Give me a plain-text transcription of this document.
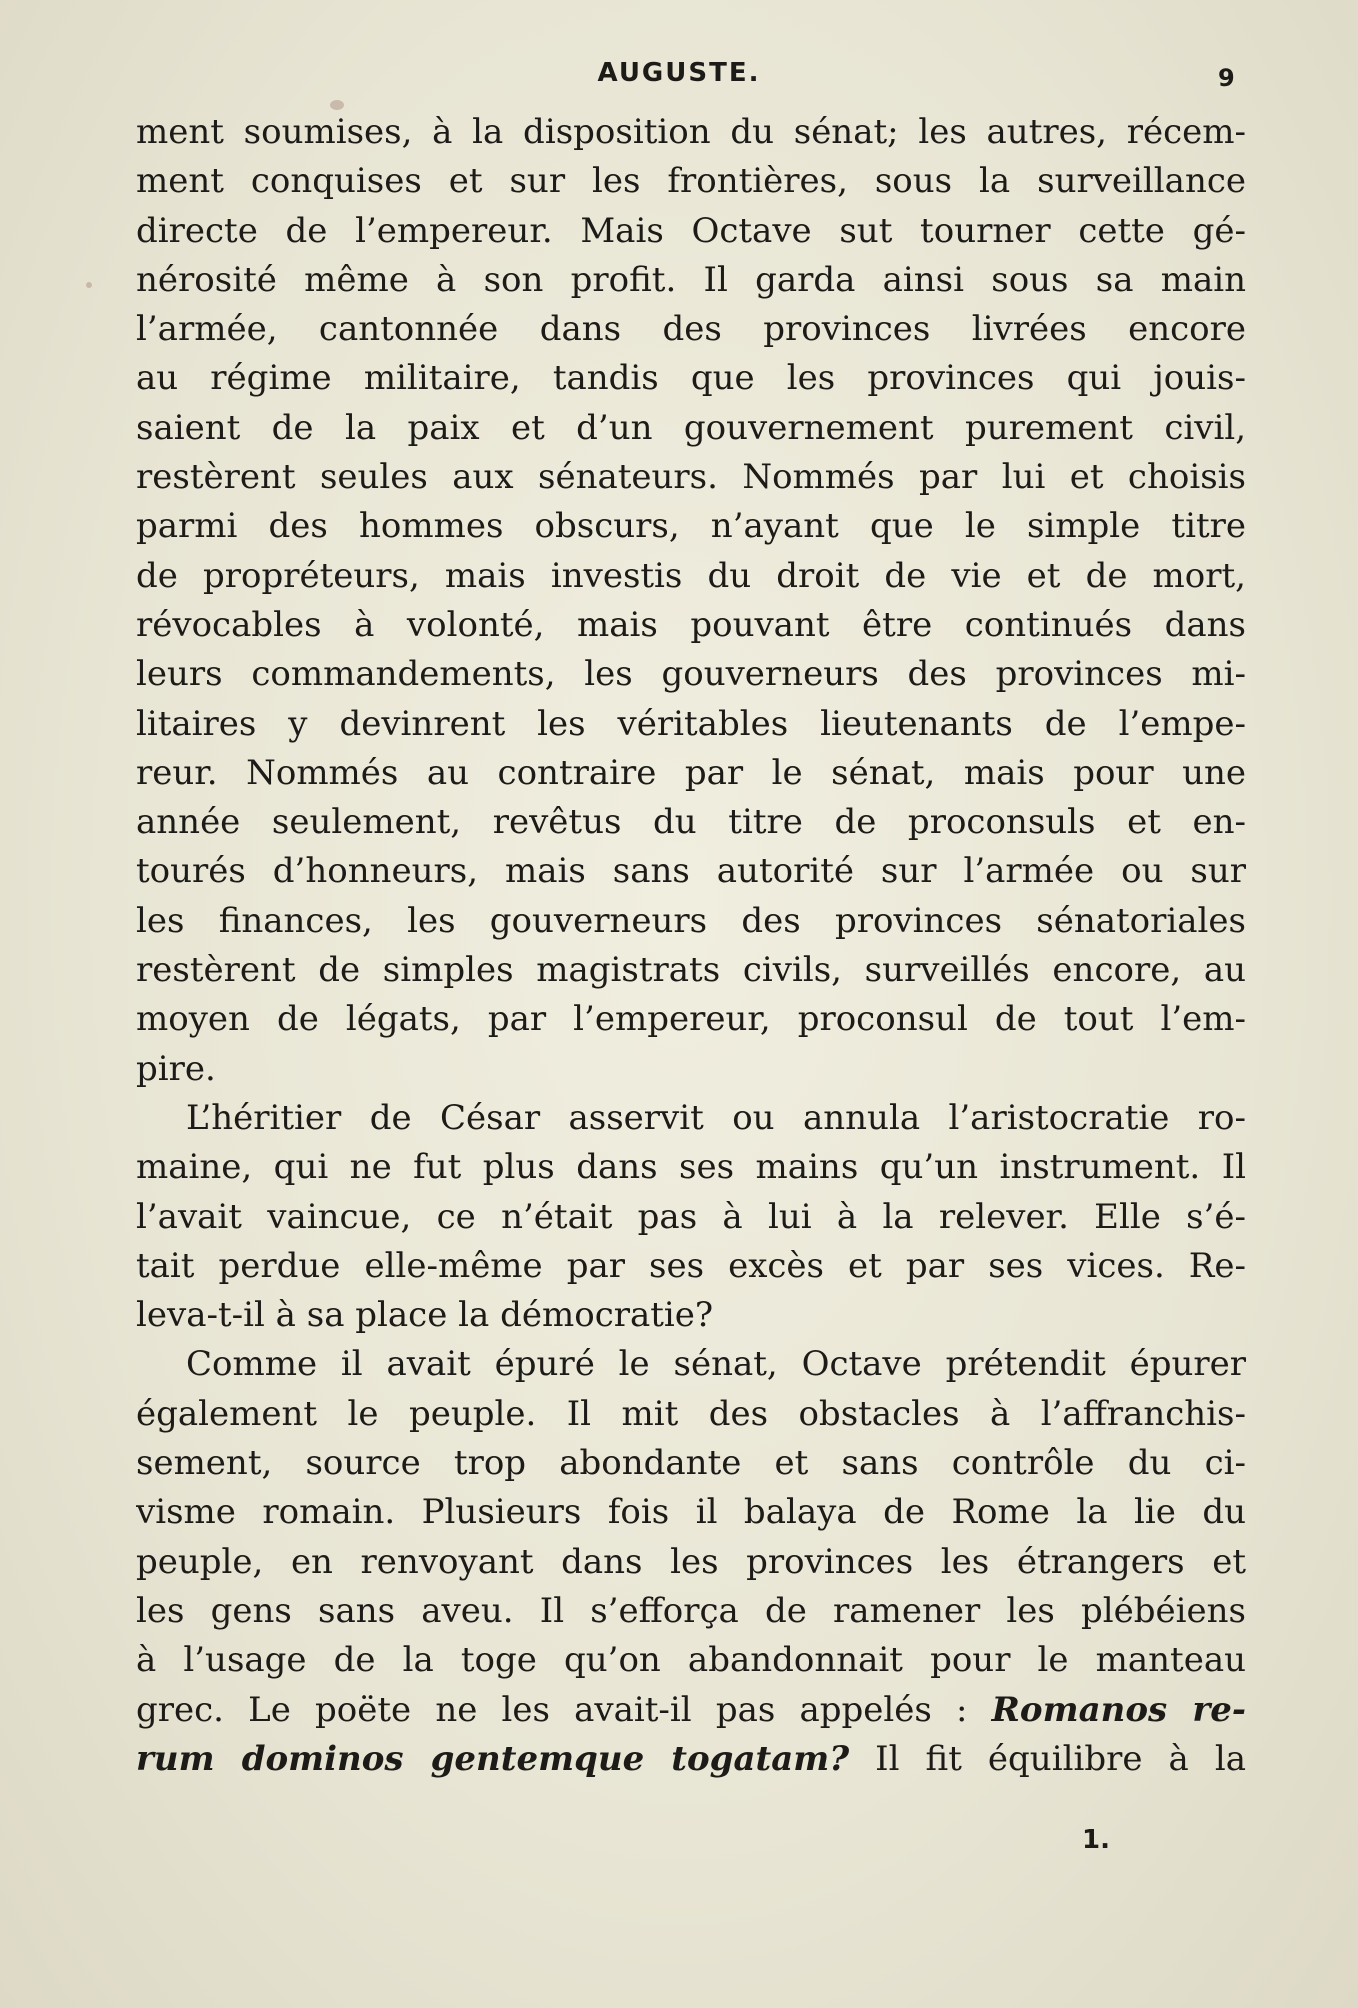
AUGUSTE.	9
ment soumises, à la disposition du sénat; les autres, récem-
ment conquises et sur les frontières, sous la surveillance
directe de l’empereur. Mais Octave sut tourner cette gé-
nérosité même à son profit. Il garda ainsi sous sa main
l’armée, cantonnée dans des provinces livrées encore
au régime militaire, tandis que les provinces qui jouis-
saient de la paix et d’un gouvernement purement civil,
restèrent seules aux sénateurs. Nommés par lui et choisis
parmi des hommes obscurs, n’ayant que le simple titre
de propréteurs, mais investis du droit de vie et de mort,
révocables à volonté, mais pouvant être continués dans
leurs commandements, les gouverneurs des provinces mi-
litaires y devinrent les véritables lieutenants de l’empe-
reur. Nommés au contraire par le sénat, mais pour une
année seulement, revêtus du titre de proconsuls et en-
tourés d’honneurs, mais sans autorité sur l’armée ou sur
les finances, les gouverneurs des provinces sénatoriales
restèrent de simples magistrats civils, surveillés encore, au
moyen de légats, par l’empereur, proconsul de tout l’em-
pire.
L’héritier de César asservit ou annula l’aristocratie ro-
maine, qui ne fut plus dans ses mains qu’un instrument. Il
l’avait vaincue, ce n’était pas à lui à la relever. Elle s’é-
tait perdue elle-même par ses excès et par ses vices. Re-
leva-t-il à sa place la démocratie?
Comme il avait épuré le sénat, Octave prétendit épurer
également le peuple. Il mit des obstacles à l’affranchis-
sement, source trop abondante et sans contrôle du ci-
visme romain. Plusieurs fois il balaya de Rome la lie du
peuple, en renvoyant dans les provinces les étrangers et
les gens sans aveu. Il s’efforça de ramener les plébéiens
à l’usage de la toge qu’on abandonnait pour le manteau
grec. Le poëte ne les avait-il pas appelés : Romanos re-
rum dominos gentemque togatam? Il fit équilibre à la
1.
